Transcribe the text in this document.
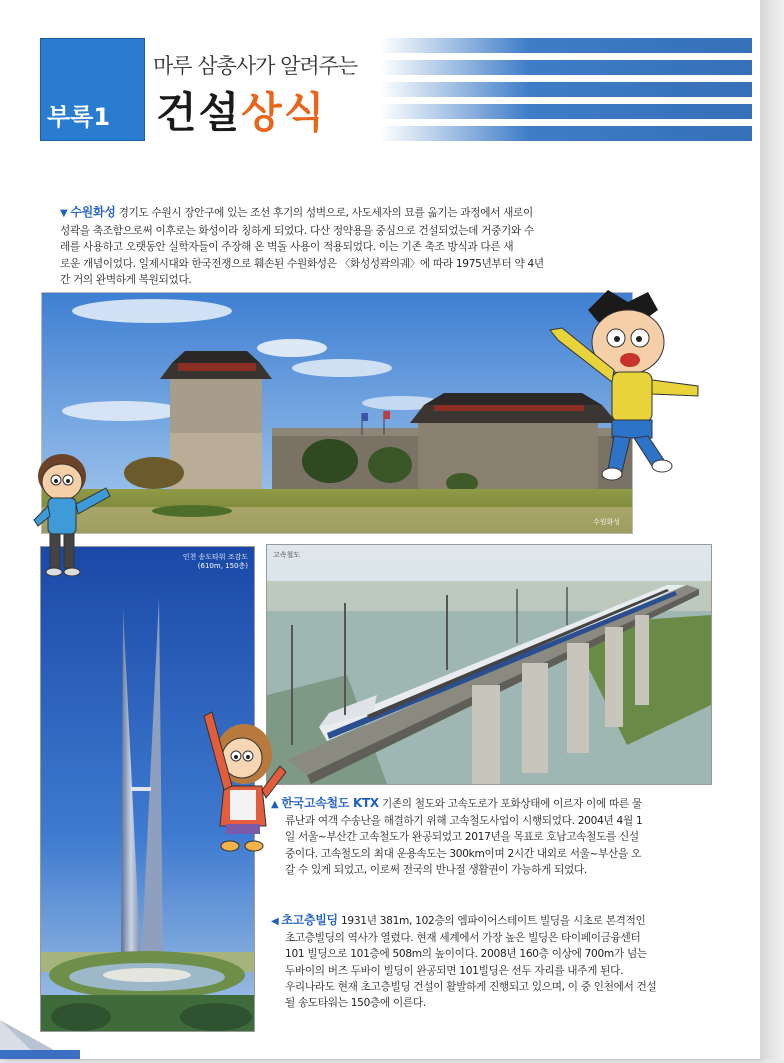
부록1
마루 삼총사가 알려주는
건설상식
▼ 수원화성 경기도 수원시 장안구에 있는 조선 후기의 성벽으로, 사도세자의 묘를 옮기는 과정에서 새로이
성곽을 축조함으로써 이후로는 화성이라 칭하게 되었다. 다산 정약용을 중심으로 건설되었는데 거중기와 수
레를 사용하고 오랫동안 실학자들이 주장해 온 벽돌 사용이 적용되었다. 이는 기존 축조 방식과 다른 새
로운 개념이었다. 일제시대와 한국전쟁으로 훼손된 수원화성은 〈화성성곽의궤〉에 따라 1975년부터 약 4년
간 거의 완벽하게 복원되었다.
수원화성
인천 송도타워 조감도
(610m, 150층)
고속철도
▲ 한국고속철도 KTX 기존의 철도와 고속도로가 포화상태에 이르자 이에 따른 물
류난과 여객 수송난을 해결하기 위해 고속철도사업이 시행되었다. 2004년 4월 1
일 서울~부산간 고속철도가 완공되었고 2017년을 목표로 호남고속철도를 신설
중이다. 고속철도의 최대 운용속도는 300km이며 2시간 내외로 서울~부산을 오
갈 수 있게 되었고, 이로써 전국의 반나절 생활권이 가능하게 되었다.
◀ 초고층빌딩 1931년 381m, 102층의 엠파이어스테이트 빌딩을 시초로 본격적인
초고층빌딩의 역사가 열렸다. 현재 세계에서 가장 높은 빌딩은 타이페이금융센터
101 빌딩으로 101층에 508m의 높이이다. 2008년 160층 이상에 700m가 넘는
두바이의 버즈 두바이 빌딩이 완공되면 101빌딩은 선두 자리를 내주게 된다.
우리나라도 현재 초고층빌딩 건설이 활발하게 진행되고 있으며, 이 중 인천에서 건설
될 송도타워는 150층에 이른다.
